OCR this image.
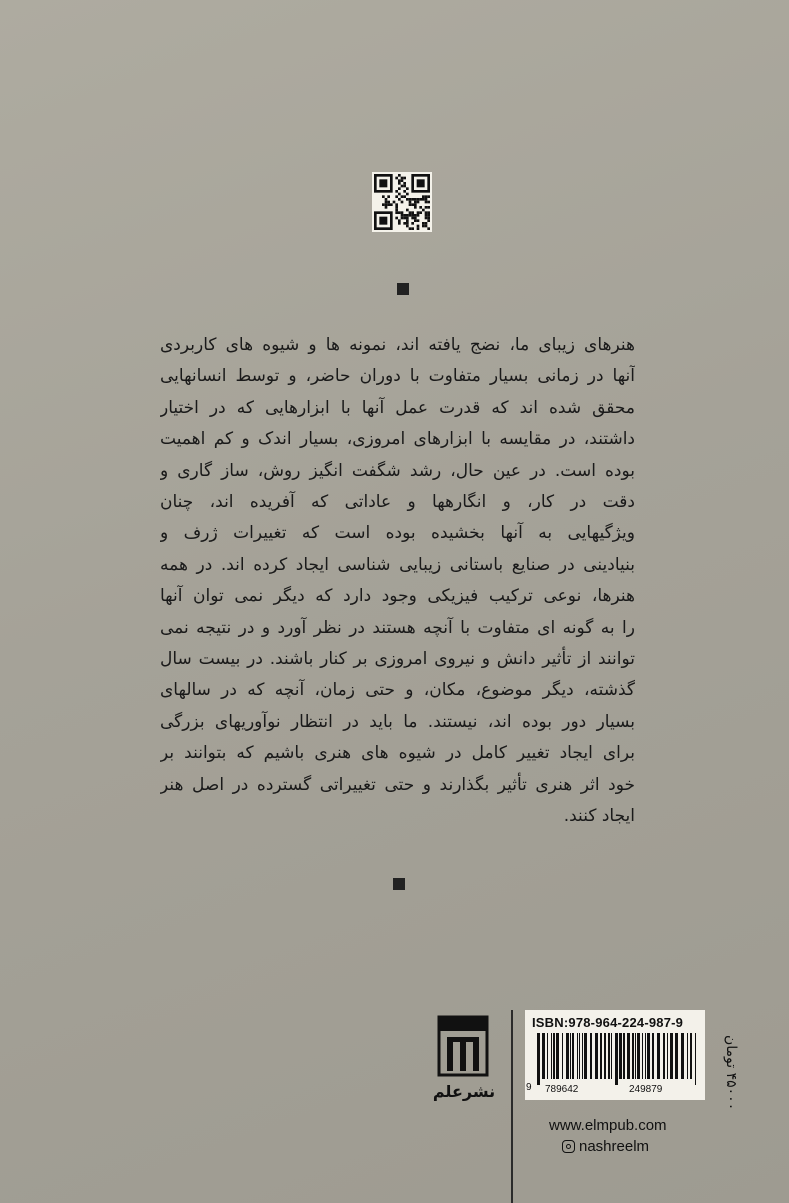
هنرهای زیبای ما، نضج یافته اند، نمونه ها و شیوه های کاربردی
آنها در زمانی بسیار متفاوت با دوران حاضر، و توسط انسانهایی
محقق شده اند که قدرت عمل آنها با ابزارهایی که در اختیار
داشتند، در مقایسه با ابزارهای امروزی، بسیار اندک و کم اهمیت
بوده است. در عین حال، رشد شگفت انگیز روش، ساز گاری و
دقت در کار، و انگارهها و عاداتی که آفریده اند، چنان
ویژگیهایی به آنها بخشیده بوده است که تغییرات ژرف و
بنیادینی در صنایع باستانی زیبایی شناسی ایجاد کرده اند. در همه
هنرها، نوعی ترکیب فیزیکی وجود دارد که دیگر نمی توان آنها
را به گونه ای متفاوت با آنچه هستند در نظر آورد و در نتیجه نمی
توانند از تأثیر دانش و نیروی امروزی بر کنار باشند. در بیست سال
گذشته، دیگر موضوع، مکان، و حتی زمان، آنچه که در سالهای
بسیار دور بوده اند، نیستند. ما باید در انتظار نوآوریهای بزرگی
برای ایجاد تغییر کامل در شیوه های هنری باشیم که بتوانند بر
خود اثر هنری تأثیر بگذارند و حتی تغییراتی گسترده در اصل هنر
ایجاد کنند.
نشرعلم
ISBN:978-964-224-987-9
9 789642	249879
۴۵۰۰۰ تومان
www.elmpub.com
nashreelm
